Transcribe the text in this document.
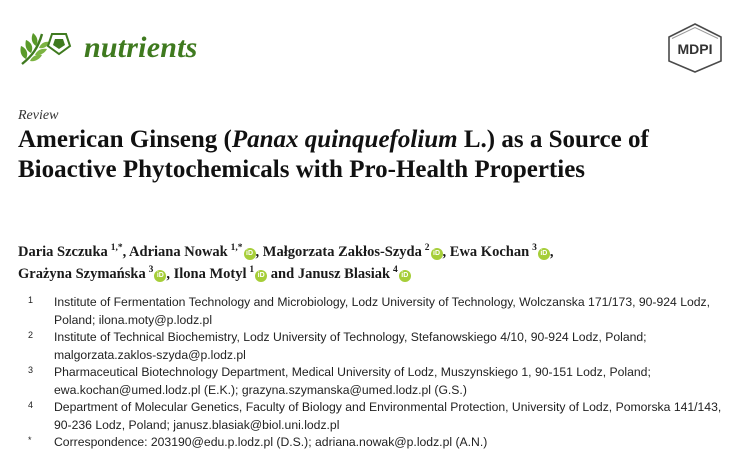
nutrients	MDPI
Review
American Ginseng (Panax quinquefolium L.) as a Source of Bioactive Phytochemicals with Pro-Health Properties

Daria Szczuka  $^{1,*}$, Adriana Nowak  $^{1,*}$iD , Małgorzata Zakłos-Szyda  $^2$iD , Ewa Kochan  $^3$iD ,
Grażyna Szymańska  $^3$iD , Ilona Motyl  $^1$iD and Janusz Blasiak  $^4$iD

1 Institute of Fermentation Technology and Microbiology, Lodz University of Technology, Wolczanska 171/173, 90-924 Lodz, Poland; ilona.moty@p.lodz.pl
2 Institute of Technical Biochemistry, Lodz University of Technology, Stefanowskiego 4/10, 90-924 Lodz, Poland; malgorzata.zaklos-szyda@p.lodz.pl
3 Pharmaceutical Biotechnology Department, Medical University of Lodz, Muszynskiego 1, 90-151 Lodz, Poland; ewa.kochan@umed.lodz.pl (E.K.); grazyna.szymanska@umed.lodz.pl (G.S.)
4 Department of Molecular Genetics, Faculty of Biology and Environmental Protection, University of Lodz, Pomorska 141/143, 90-236 Lodz, Poland; janusz.blasiak@biol.uni.lodz.pl
* Correspondence: 203190@edu.p.lodz.pl (D.S.); adriana.nowak@p.lodz.pl (A.N.)
